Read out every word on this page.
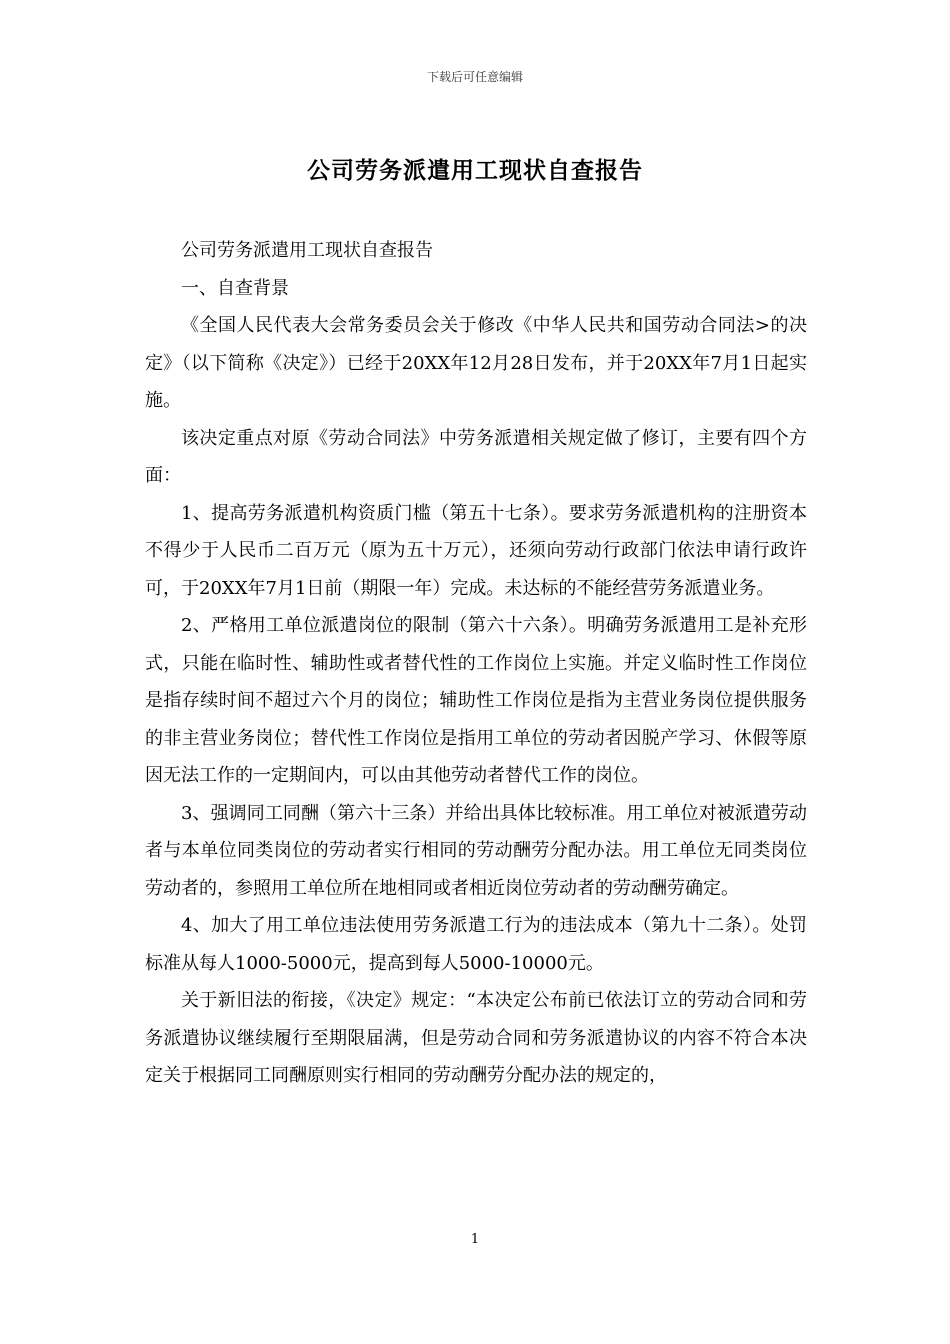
下载后可任意编辑
公司劳务派遣用工现状自查报告

公司劳务派遣用工现状自查报告

一、自查背景

《全国人民代表大会常务委员会关于修改《中华人民共和国劳动合同法>的决定》（以下简称《决定》）已经于20XX年12月28日发布，并于20XX年7月1日起实施。

该决定重点对原《劳动合同法》中劳务派遣相关规定做了修订，主要有四个方面：

1、提高劳务派遣机构资质门槛（第五十七条）。要求劳务派遣机构的注册资本不得少于人民币二百万元（原为五十万元），还须向劳动行政部门依法申请行政许可，于20XX年7月1日前（期限一年）完成。未达标的不能经营劳务派遣业务。

2、严格用工单位派遣岗位的限制（第六十六条）。明确劳务派遣用工是补充形式，只能在临时性、辅助性或者替代性的工作岗位上实施。并定义临时性工作岗位是指存续时间不超过六个月的岗位；辅助性工作岗位是指为主营业务岗位提供服务的非主营业务岗位；替代性工作岗位是指用工单位的劳动者因脱产学习、休假等原因无法工作的一定期间内，可以由其他劳动者替代工作的岗位。

3、强调同工同酬（第六十三条）并给出具体比较标准。用工单位对被派遣劳动者与本单位同类岗位的劳动者实行相同的劳动酬劳分配办法。用工单位无同类岗位劳动者的，参照用工单位所在地相同或者相近岗位劳动者的劳动酬劳确定。

4、加大了用工单位违法使用劳务派遣工行为的违法成本（第九十二条）。处罚标准从每人1000-5000元，提高到每人5000-10000元。

关于新旧法的衔接，《决定》规定：“本决定公布前已依法订立的劳动合同和劳务派遣协议继续履行至期限届满，但是劳动合同和劳务派遣协议的内容不符合本决定关于根据同工同酬原则实行相同的劳动酬劳分配办法的规定的，

1
